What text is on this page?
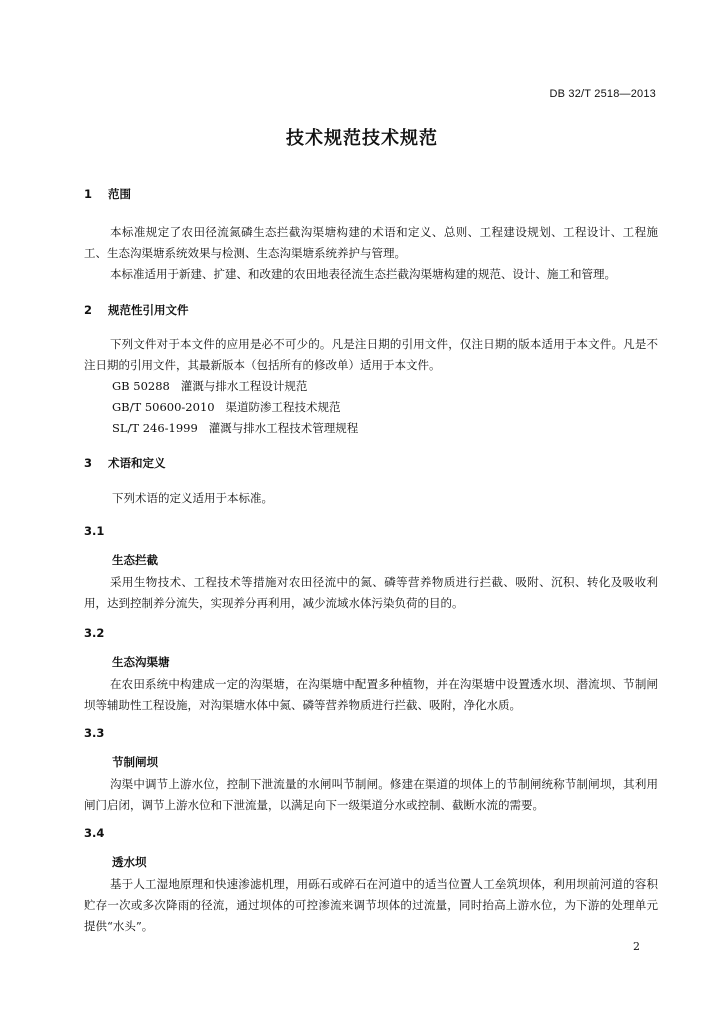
DB 32/T 2518—2013
技术规范技术规范
1 范围

本标准规定了农田径流氮磷生态拦截沟渠塘构建的术语和定义、总则、工程建设规划、工程设计、工程施工、生态沟渠塘系统效果与检测、生态沟渠塘系统养护与管理。

本标准适用于新建、扩建、和改建的农田地表径流生态拦截沟渠塘构建的规范、设计、施工和管理。

2 规范性引用文件

下列文件对于本文件的应用是必不可少的。凡是注日期的引用文件，仅注日期的版本适用于本文件。凡是不注日期的引用文件，其最新版本（包括所有的修改单）适用于本文件。

GB 50288   灌溉与排水工程设计规范
GB/T 50600-2010   渠道防渗工程技术规范
SL/T 246-1999   灌溉与排水工程技术管理规程
3 术语和定义
下列术语的定义适用于本标准。
3.1
生态拦截

采用生物技术、工程技术等措施对农田径流中的氮、磷等营养物质进行拦截、吸附、沉积、转化及吸收利用，达到控制养分流失，实现养分再利用，减少流域水体污染负荷的目的。

3.2
生态沟渠塘

在农田系统中构建成一定的沟渠塘，在沟渠塘中配置多种植物，并在沟渠塘中设置透水坝、潜流坝、节制闸坝等辅助性工程设施，对沟渠塘水体中氮、磷等营养物质进行拦截、吸附，净化水质。

3.3
节制闸坝

沟渠中调节上游水位，控制下泄流量的水闸叫节制闸。修建在渠道的坝体上的节制闸统称节制闸坝，其利用闸门启闭，调节上游水位和下泄流量，以满足向下一级渠道分水或控制、截断水流的需要。

3.4
透水坝

基于人工湿地原理和快速渗滤机理，用砾石或碎石在河道中的适当位置人工垒筑坝体，利用坝前河道的容积贮存一次或多次降雨的径流，通过坝体的可控渗流来调节坝体的过流量，同时抬高上游水位，为下游的处理单元提供“水头”。

2
